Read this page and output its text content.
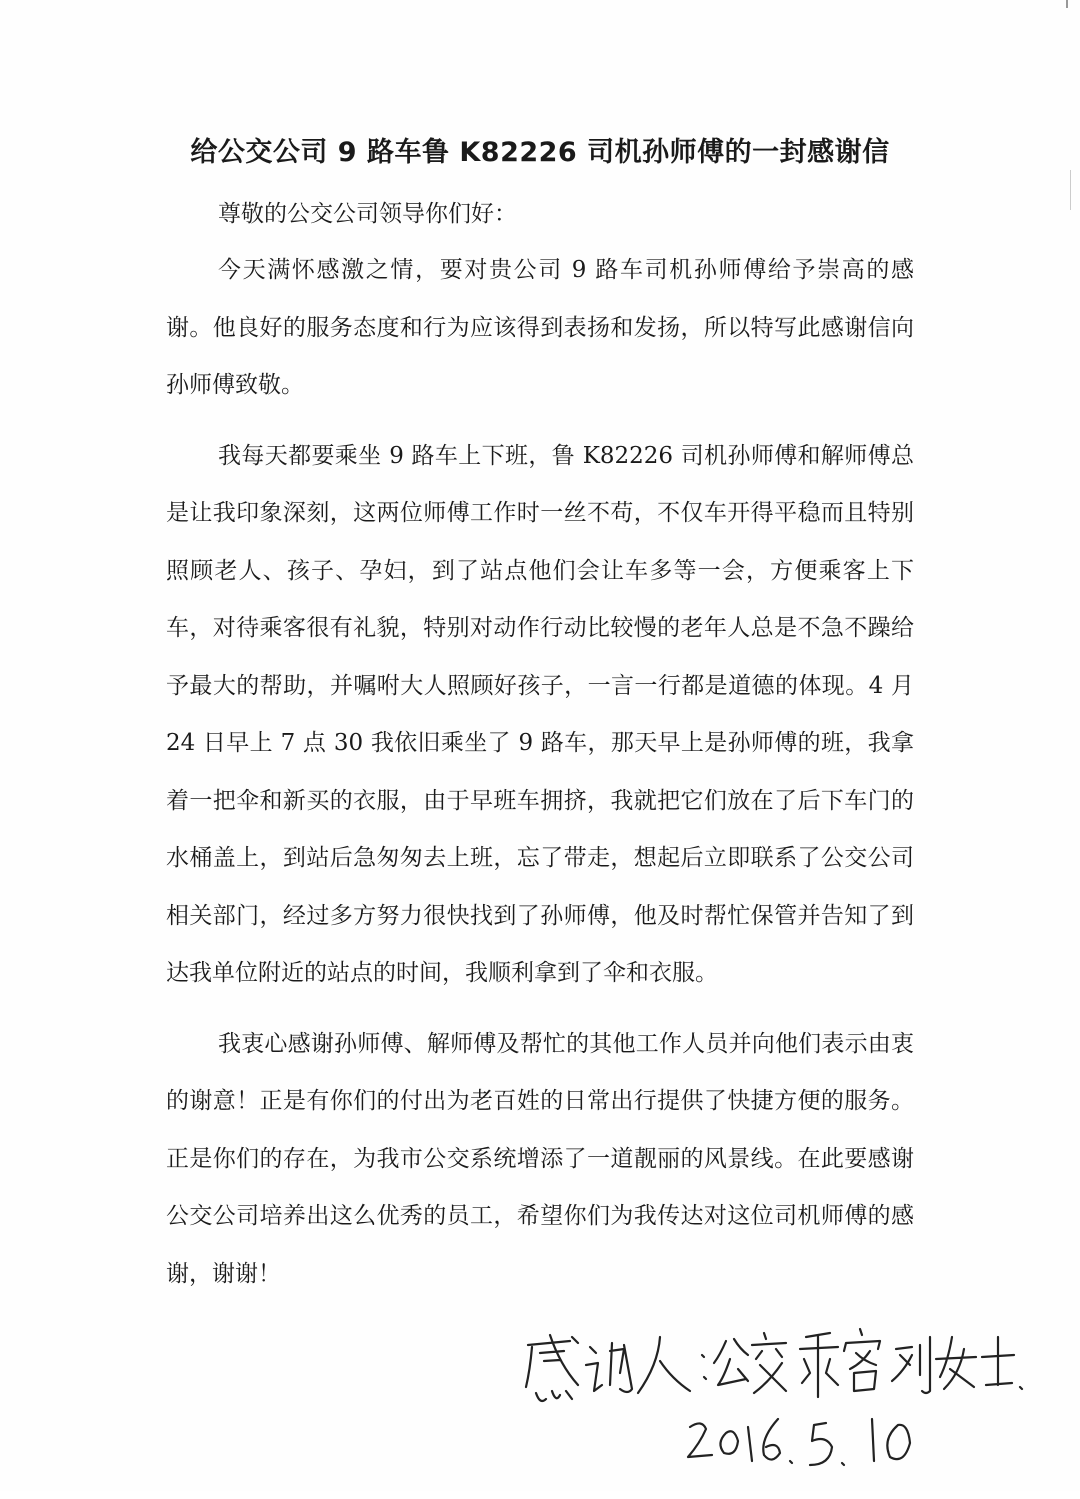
给公交公司 9 路车鲁 K82226 司机孙师傅的一封感谢信
尊敬的公交公司领导你们好：

今天满怀感激之情，要对贵公司 9 路车司机孙师傅给予崇高的感谢。他良好的服务态度和行为应该得到表扬和发扬，所以特写此感谢信向孙师傅致敬。

我每天都要乘坐 9 路车上下班，鲁 K82226 司机孙师傅和解师傅总是让我印象深刻，这两位师傅工作时一丝不苟，不仅车开得平稳而且特别照顾老人、孩子、孕妇，到了站点他们会让车多等一会，方便乘客上下车，对待乘客很有礼貌，特别对动作行动比较慢的老年人总是不急不躁给予最大的帮助，并嘱咐大人照顾好孩子，一言一行都是道德的体现。4 月 24 日早上 7 点 30 我依旧乘坐了 9 路车，那天早上是孙师傅的班，我拿着一把伞和新买的衣服，由于早班车拥挤，我就把它们放在了后下车门的水桶盖上，到站后急匆匆去上班，忘了带走，想起后立即联系了公交公司相关部门，经过多方努力很快找到了孙师傅，他及时帮忙保管并告知了到达我单位附近的站点的时间，我顺利拿到了伞和衣服。

我衷心感谢孙师傅、解师傅及帮忙的其他工作人员并向他们表示由衷的谢意！正是有你们的付出为老百姓的日常出行提供了快捷方便的服务。正是你们的存在，为我市公交系统增添了一道靓丽的风景线。在此要感谢公交公司培养出这么优秀的员工，希望你们为我传达对这位司机师傅的感谢，谢谢！
